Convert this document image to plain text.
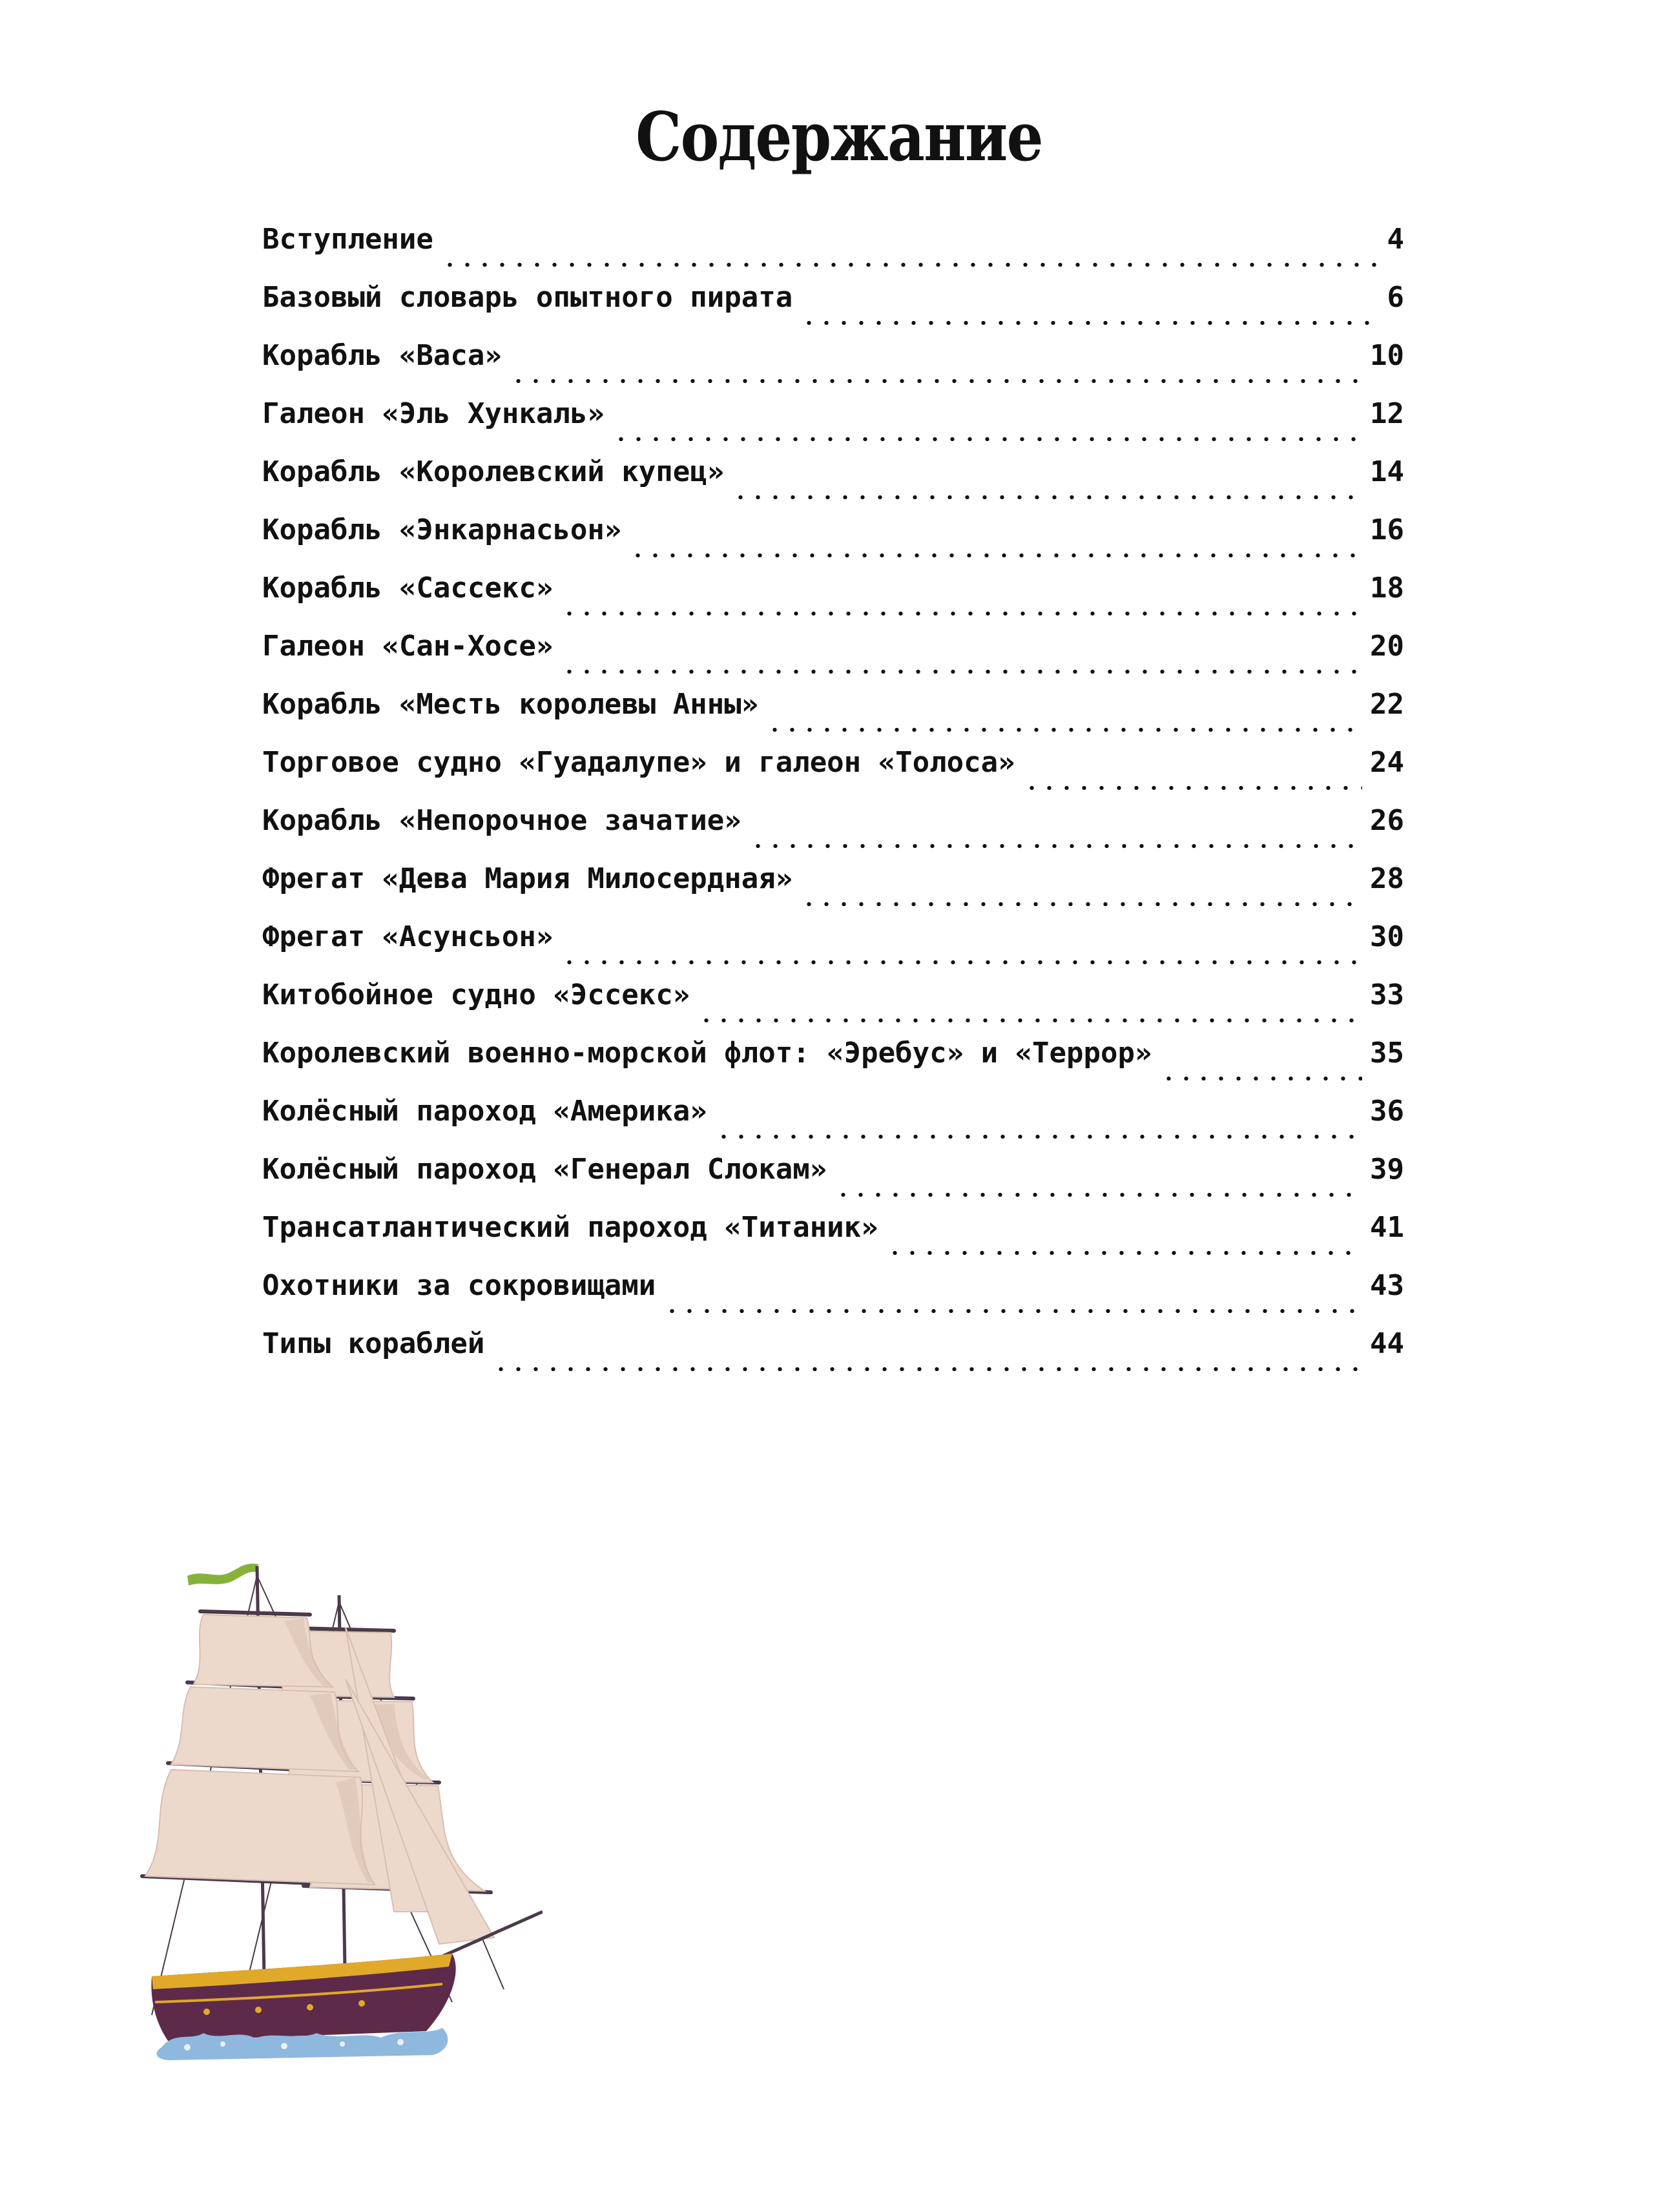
Содержание
Вступление	4
Базовый словарь опытного пирата	6
Корабль «Васа»	10
Галеон «Эль Хункаль»	12
Корабль «Королевский купец»	14
Корабль «Энкарнасьон»	16
Корабль «Сассекс»	18
Галеон «Сан-Хосе»	20
Корабль «Месть королевы Анны»	22
Торговое судно «Гуадалупе» и галеон «Толоса»	24
Корабль «Непорочное зачатие»	26
Фрегат «Дева Мария Милосердная»	28
Фрегат «Асунсьон»	30
Китобойное судно «Эссекс»	33
Королевский военно-морской флот: «Эребус» и «Террор»	35
Колёсный пароход «Америка»	36
Колёсный пароход «Генерал Слокам»	39
Трансатлантический пароход «Титаник»	41
Охотники за сокровищами	43
Типы кораблей	44
